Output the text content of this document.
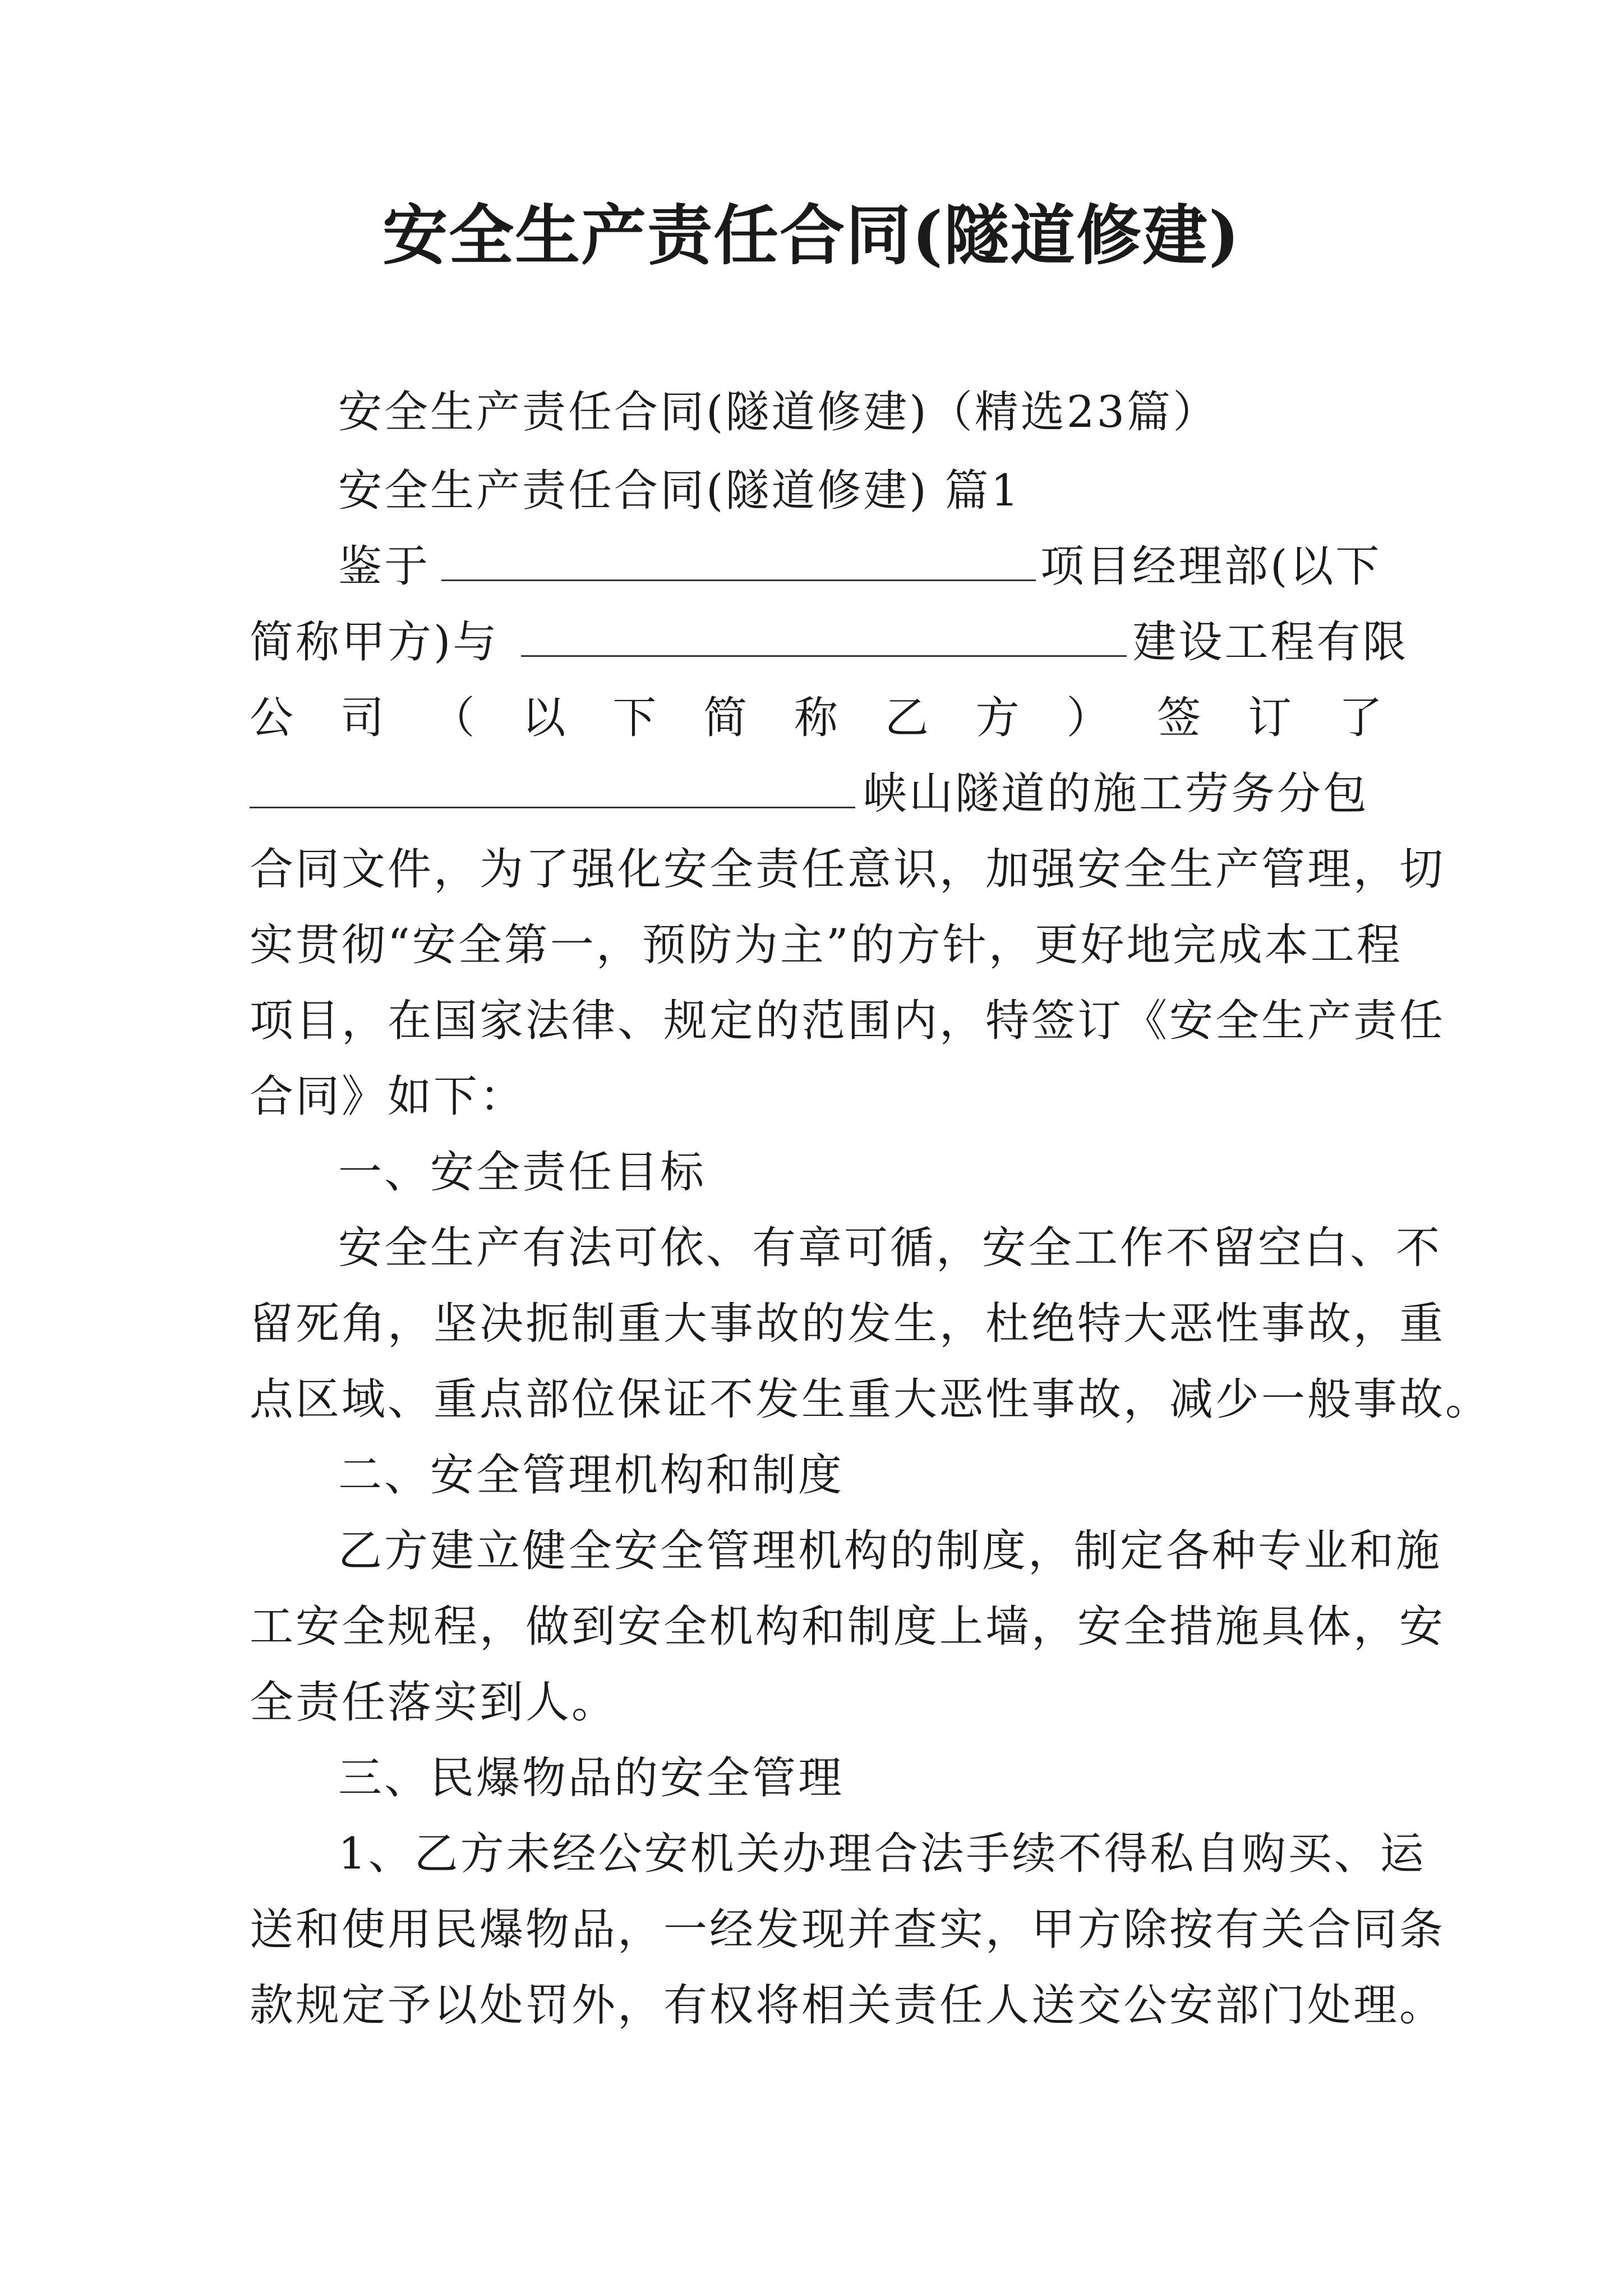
安全生产责任合同(隧道修建)
安全生产责任合同(隧道修建)（精选23篇）
安全生产责任合同(隧道修建) 篇1
鉴于	项目经理部(以下
简称甲方)与	建设工程有限
公 司 （ 以 下 简 称 乙 方 ） 签 订 了
峡山隧道的施工劳务分包
合同文件，为了强化安全责任意识，加强安全生产管理，切
实贯彻“安全第一，预防为主”的方针，更好地完成本工程
项目，在国家法律、规定的范围内，特签订《安全生产责任
合同》如下：
一、安全责任目标
安全生产有法可依、有章可循，安全工作不留空白、不
留死角，坚决扼制重大事故的发生，杜绝特大恶性事故，重
点区域、重点部位保证不发生重大恶性事故，减少一般事故。
二、安全管理机构和制度
乙方建立健全安全管理机构的制度，制定各种专业和施
工安全规程，做到安全机构和制度上墙，安全措施具体，安
全责任落实到人。
三、民爆物品的安全管理
1、乙方未经公安机关办理合法手续不得私自购买、运
送和使用民爆物品，一经发现并查实，甲方除按有关合同条
款规定予以处罚外，有权将相关责任人送交公安部门处理。
